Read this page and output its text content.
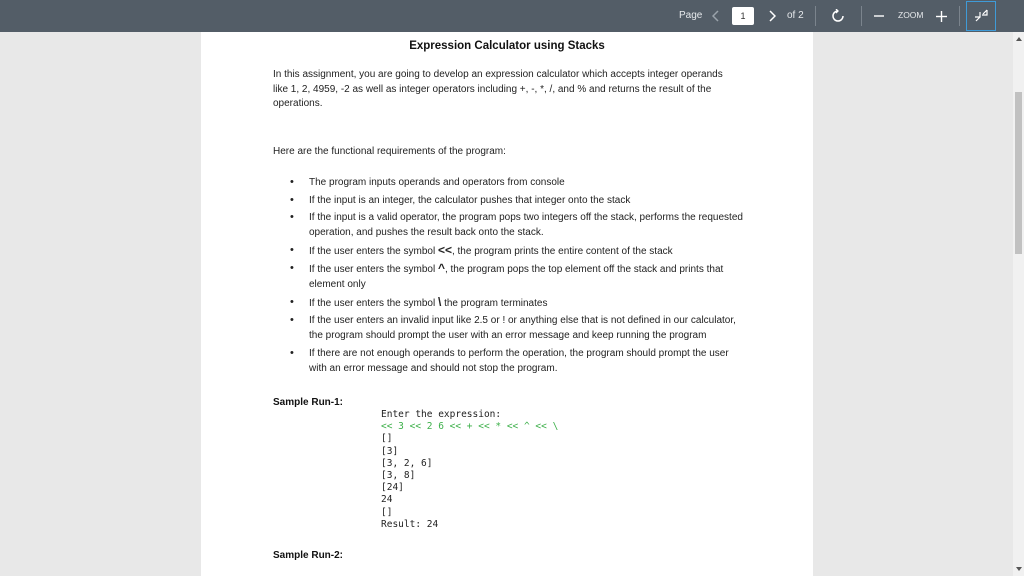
Page	1	of 2	ZOOM
Expression Calculator using Stacks
In this assignment, you are going to develop an expression calculator which accepts integer operands like 1, 2, 4959, -2 as well as integer operators including +, -, *, /, and % and returns the result of the operations.
Here are the functional requirements of the program:
• The program inputs operands and operators from console
• If the input is an integer, the calculator pushes that integer onto the stack
• If the input is a valid operator, the program pops two integers off the stack, performs the requested operation, and pushes the result back onto the stack.
• If the user enters the symbol <<, the program prints the entire content of the stack
• If the user enters the symbol ^, the program pops the top element off the stack and prints that element only
• If the user enters the symbol \ the program terminates
• If the user enters an invalid input like 2.5 or ! or anything else that is not defined in our calculator, the program should prompt the user with an error message and keep running the program
• If there are not enough operands to perform the operation, the program should prompt the user with an error message and should not stop the program.
Sample Run-1:
Enter the expression:
<< 3 << 2 6 << + << * << ^ << \
[]
[3]
[3, 2, 6]
[3, 8]
[24]
24
[]
Result: 24
Sample Run-2:
